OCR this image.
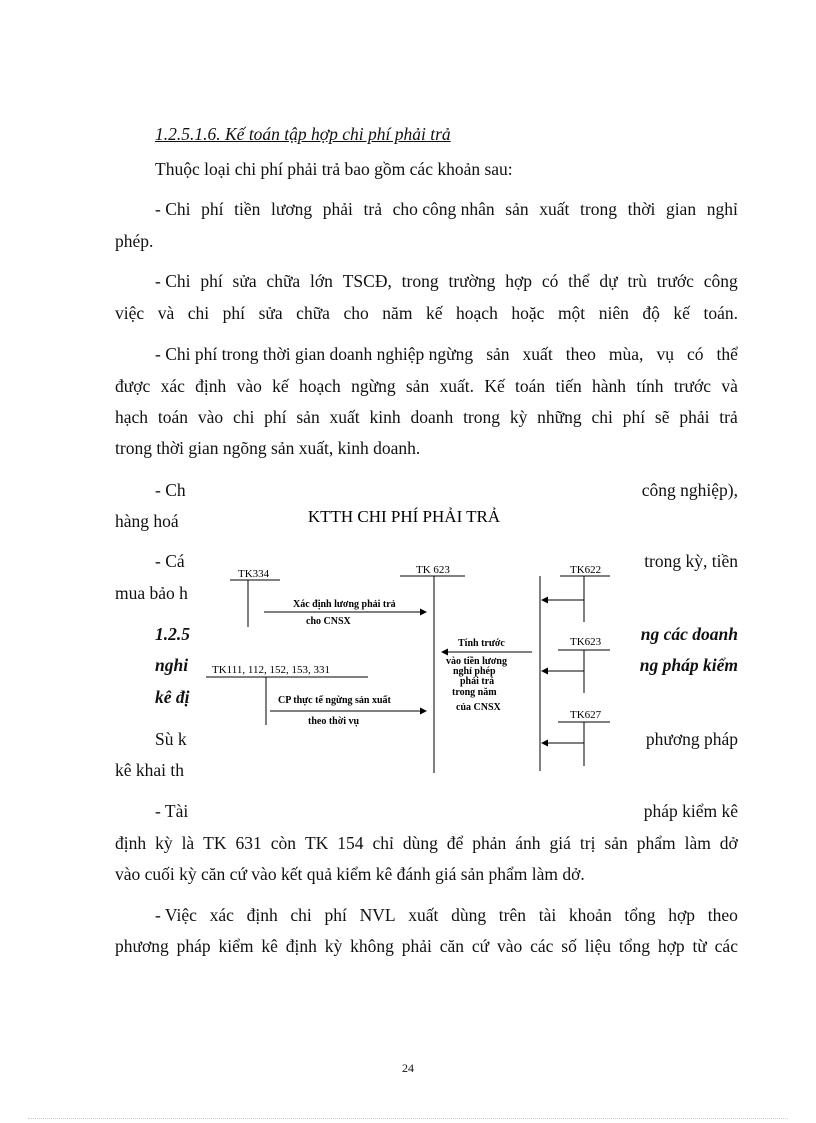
1.2.5.1.6. Kế toán tập hợp chi phí phải trả
Thuộc loại chi phí phải trả bao gồm các khoản sau:
- Chi phí tiền lương phải trả cho công nhân sản xuất trong thời gian nghỉ
phép.
- Chi phí sửa chữa lớn TSCĐ, trong trường hợp có thể dự trù trước công
việc và chi phí sửa chữa cho năm kế hoạch hoặc một niên độ kế toán.
- Chi phí trong thời gian doanh nghiệp ngừng sản xuất theo mùa, vụ có thể
được xác định vào kế hoạch ngừng sản xuất. Kế toán tiến hành tính trước và
hạch toán vào chi phí sản xuất kinh doanh trong kỳ những chi phí sẽ phải trả
trong thời gian ngõng sản xuất, kinh doanh.
- Ch	công nghiệp),
hàng hoá
- Cá	trong kỳ, tiền
mua bảo h
1.2.5	ng các doanh
nghi	ng pháp kiểm
kê đị
Sù k	phương pháp
kê khai th
- Tài	pháp kiểm kê
định kỳ là TK 631 còn TK 154 chỉ dùng để phản ánh giá trị sản phẩm làm dở
vào cuối kỳ căn cứ vào kết quả kiểm kê đánh giá sản phẩm làm dở.
- Việc xác định chi phí NVL xuất dùng trên tài khoản tổng hợp theo
phương pháp kiểm kê định kỳ không phải căn cứ vào các số liệu tổng hợp từ các
KTTH CHI PHÍ PHẢI TRẢ
TK334	TK 623	TK622
TK623
TK627
Xác định lương phải trả
cho CNSX
Tính trước
vào tiền lương
nghỉ phép
phải trả
trong năm
của CNSX
TK111, 112, 152, 153, 331
CP thực tế ngừng sản xuất
theo thời vụ
24
